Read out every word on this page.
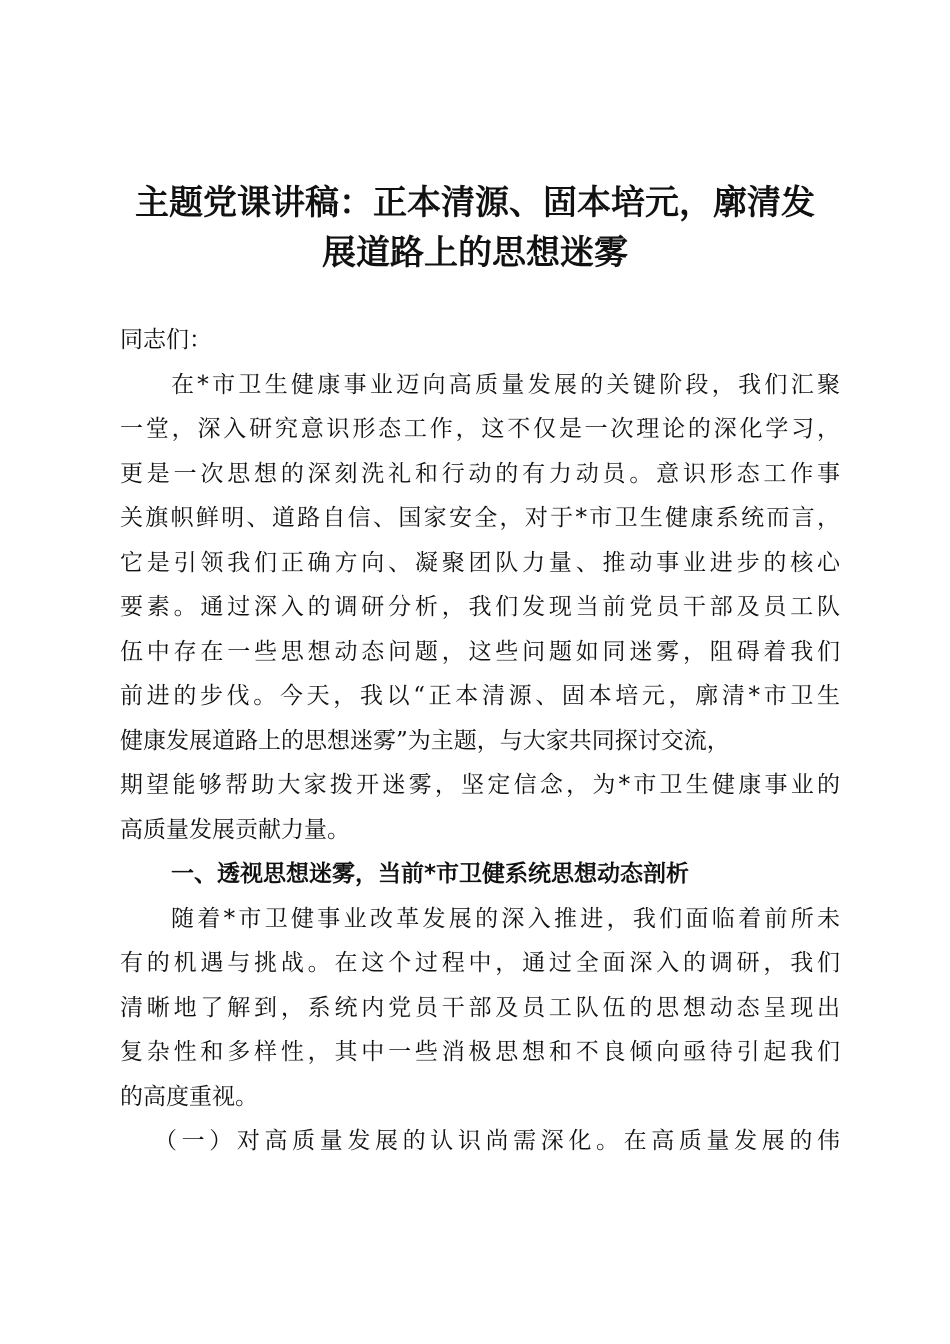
主题党课讲稿：正本清源、固本培元，廓清发
展道路上的思想迷雾
同志们：
在*市卫生健康事业迈向高质量发展的关键阶段，我们汇聚
一堂，深入研究意识形态工作，这不仅是一次理论的深化学习，
更是一次思想的深刻洗礼和行动的有力动员。意识形态工作事
关旗帜鲜明、道路自信、国家安全，对于*市卫生健康系统而言，
它是引领我们正确方向、凝聚团队力量、推动事业进步的核心
要素。通过深入的调研分析，我们发现当前党员干部及员工队
伍中存在一些思想动态问题，这些问题如同迷雾，阻碍着我们
前进的步伐。今天，我以“正本清源、固本培元，廓清*市卫生
健康发展道路上的思想迷雾”为主题，与大家共同探讨交流，
期望能够帮助大家拨开迷雾，坚定信念，为*市卫生健康事业的
高质量发展贡献力量。
一、透视思想迷雾，当前*市卫健系统思想动态剖析
随着*市卫健事业改革发展的深入推进，我们面临着前所未
有的机遇与挑战。在这个过程中，通过全面深入的调研，我们
清晰地了解到，系统内党员干部及员工队伍的思想动态呈现出
复杂性和多样性，其中一些消极思想和不良倾向亟待引起我们
的高度重视。
（一）对高质量发展的认识尚需深化。在高质量发展的伟
